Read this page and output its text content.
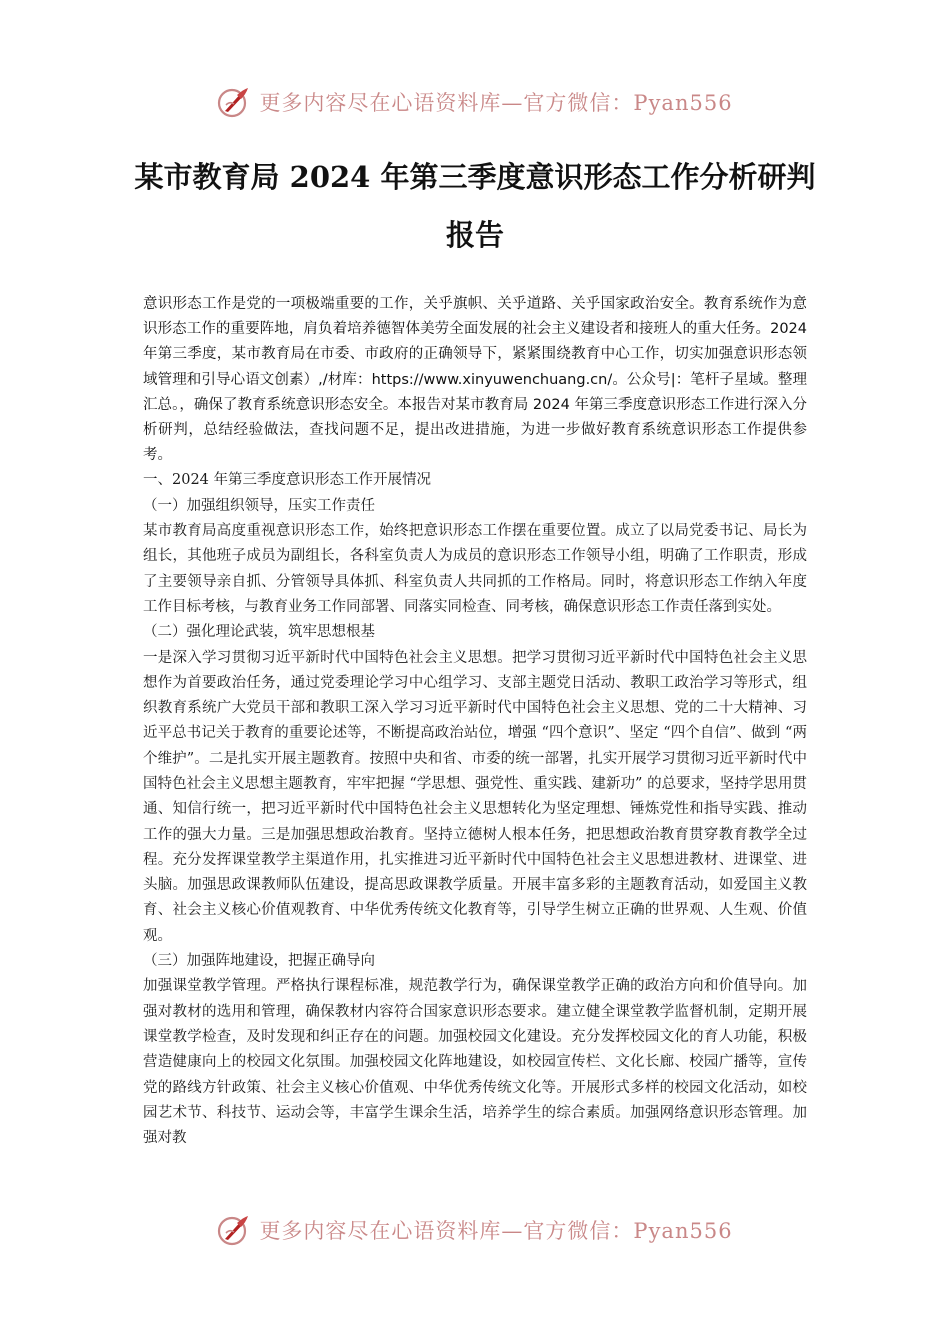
更多内容尽在心语资料库—官方微信：Pyan556
某市教育局 2024 年第三季度意识形态工作分析研判报告

意识形态工作是党的一项极端重要的工作，关乎旗帜、关乎道路、关乎国家政治安全。教育系统作为意识形态工作的重要阵地，肩负着培养德智体美劳全面发展的社会主义建设者和接班人的重大任务。2024 年第三季度，某市教育局在市委、市政府的正确领导下，紧紧围绕教育中心工作，切实加强意识形态领域管理和引导心语文创素）,/材库：https://www.xinyuwenchuang.cn/。公众号|：笔杆子星域。整理汇总。，确保了教育系统意识形态安全。本报告对某市教育局 2024 年第三季度意识形态工作进行深入分析研判，总结经验做法，查找问题不足，提出改进措施，为进一步做好教育系统意识形态工作提供参考。

一、2024 年第三季度意识形态工作开展情况

（一）加强组织领导，压实工作责任

某市教育局高度重视意识形态工作，始终把意识形态工作摆在重要位置。成立了以局党委书记、局长为组长，其他班子成员为副组长，各科室负责人为成员的意识形态工作领导小组，明确了工作职责，形成了主要领导亲自抓、分管领导具体抓、科室负责人共同抓的工作格局。同时，将意识形态工作纳入年度工作目标考核，与教育业务工作同部署、同落实同检查、同考核，确保意识形态工作责任落到实处。

（二）强化理论武装，筑牢思想根基

一是深入学习贯彻习近平新时代中国特色社会主义思想。把学习贯彻习近平新时代中国特色社会主义思想作为首要政治任务，通过党委理论学习中心组学习、支部主题党日活动、教职工政治学习等形式，组织教育系统广大党员干部和教职工深入学习习近平新时代中国特色社会主义思想、党的二十大精神、习近平总书记关于教育的重要论述等，不断提高政治站位，增强 “四个意识”、坚定 “四个自信”、做到 “两个维护”。二是扎实开展主题教育。按照中央和省、市委的统一部署，扎实开展学习贯彻习近平新时代中国特色社会主义思想主题教育，牢牢把握 “学思想、强党性、重实践、建新功” 的总要求，坚持学思用贯通、知信行统一，把习近平新时代中国特色社会主义思想转化为坚定理想、锤炼党性和指导实践、推动工作的强大力量。三是加强思想政治教育。坚持立德树人根本任务，把思想政治教育贯穿教育教学全过程。充分发挥课堂教学主渠道作用，扎实推进习近平新时代中国特色社会主义思想进教材、进课堂、进头脑。加强思政课教师队伍建设，提高思政课教学质量。开展丰富多彩的主题教育活动，如爱国主义教育、社会主义核心价值观教育、中华优秀传统文化教育等，引导学生树立正确的世界观、人生观、价值观。

（三）加强阵地建设，把握正确导向

加强课堂教学管理。严格执行课程标准，规范教学行为，确保课堂教学正确的政治方向和价值导向。加强对教材的选用和管理，确保教材内容符合国家意识形态要求。建立健全课堂教学监督机制，定期开展课堂教学检查，及时发现和纠正存在的问题。加强校园文化建设。充分发挥校园文化的育人功能，积极营造健康向上的校园文化氛围。加强校园文化阵地建设，如校园宣传栏、文化长廊、校园广播等，宣传党的路线方针政策、社会主义核心价值观、中华优秀传统文化等。开展形式多样的校园文化活动，如校园艺术节、科技节、运动会等，丰富学生课余生活，培养学生的综合素质。加强网络意识形态管理。加强对教

更多内容尽在心语资料库—官方微信：Pyan556
